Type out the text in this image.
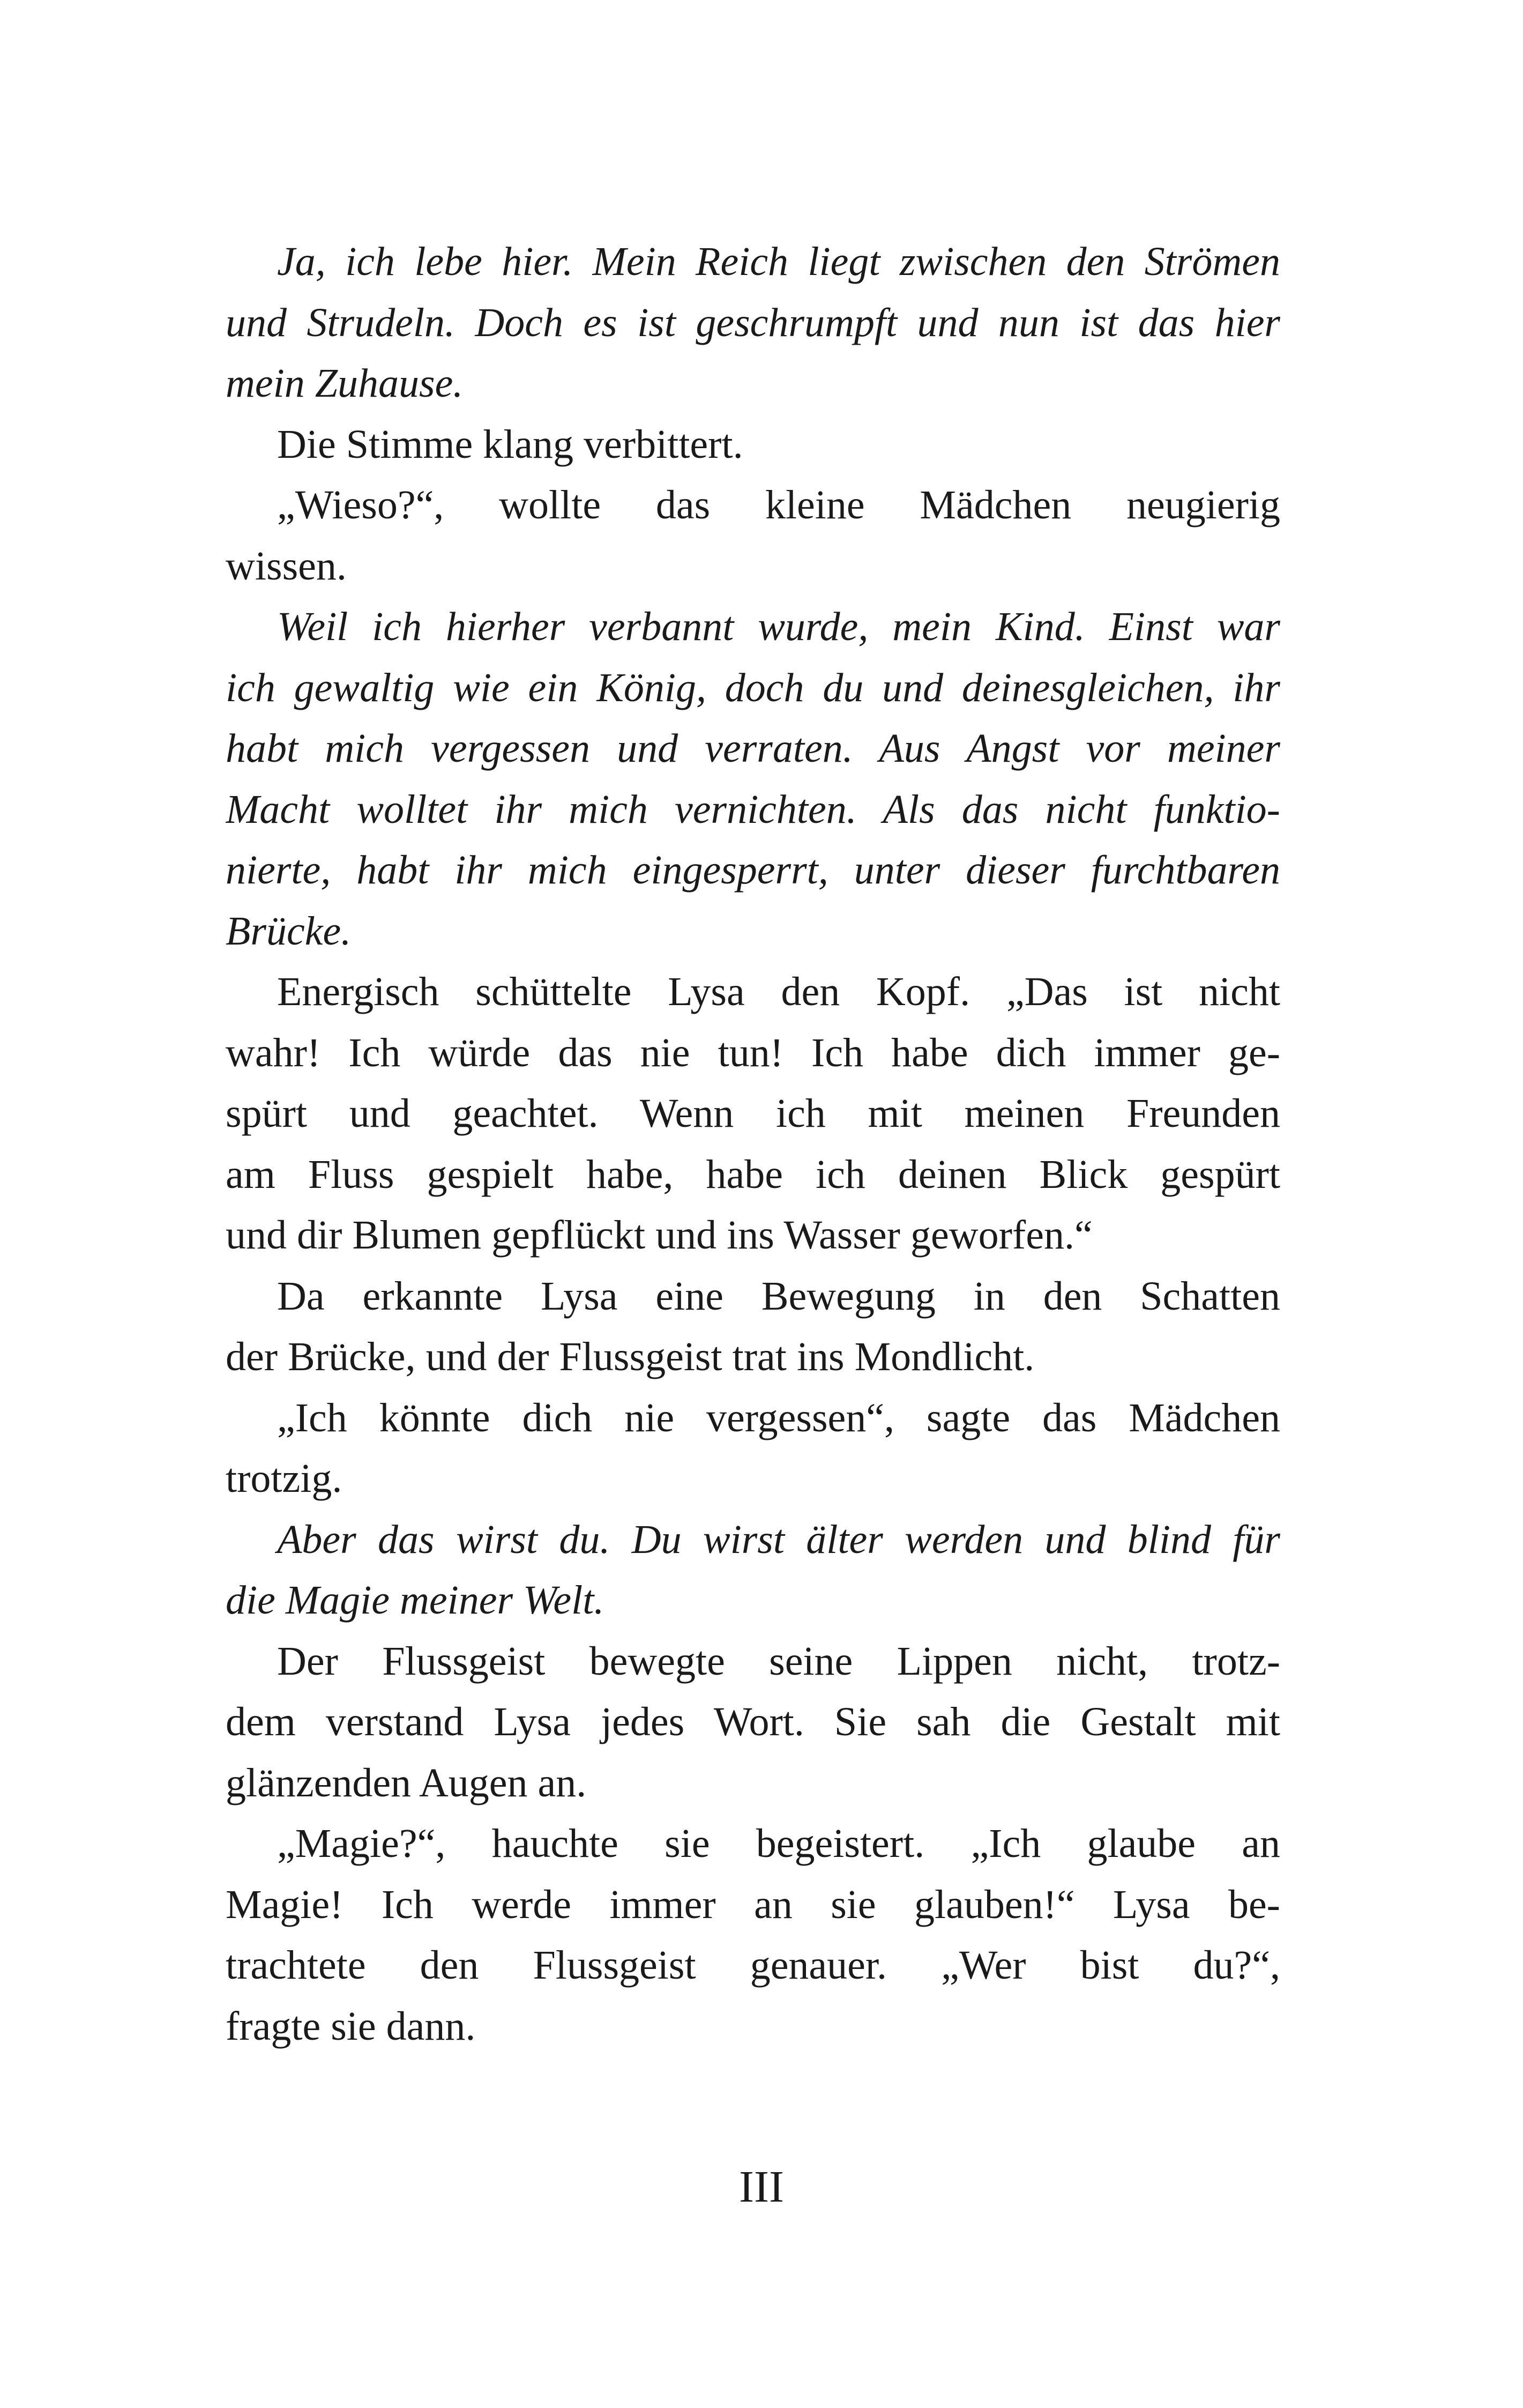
Ja, ich lebe hier. Mein Reich liegt zwischen den Strömen
und Strudeln. Doch es ist geschrumpft und nun ist das hier
mein Zuhause.
Die Stimme klang verbittert.
„Wieso?“, wollte das kleine Mädchen neugierig
wissen.
Weil ich hierher verbannt wurde, mein Kind. Einst war
ich gewaltig wie ein König, doch du und deinesgleichen, ihr
habt mich vergessen und verraten. Aus Angst vor meiner
Macht wolltet ihr mich vernichten. Als das nicht funktio-
nierte, habt ihr mich eingesperrt, unter dieser furchtbaren
Brücke.
Energisch schüttelte Lysa den Kopf. „Das ist nicht
wahr! Ich würde das nie tun! Ich habe dich immer ge-
spürt und geachtet. Wenn ich mit meinen Freunden
am Fluss gespielt habe, habe ich deinen Blick gespürt
und dir Blumen gepflückt und ins Wasser geworfen.“
Da erkannte Lysa eine Bewegung in den Schatten
der Brücke, und der Flussgeist trat ins Mondlicht.
„Ich könnte dich nie vergessen“, sagte das Mädchen
trotzig.
Aber das wirst du. Du wirst älter werden und blind für
die Magie meiner Welt.
Der Flussgeist bewegte seine Lippen nicht, trotz-
dem verstand Lysa jedes Wort. Sie sah die Gestalt mit
glänzenden Augen an.
„Magie?“, hauchte sie begeistert. „Ich glaube an
Magie! Ich werde immer an sie glauben!“ Lysa be-
trachtete den Flussgeist genauer. „Wer bist du?“,
fragte sie dann.
III
